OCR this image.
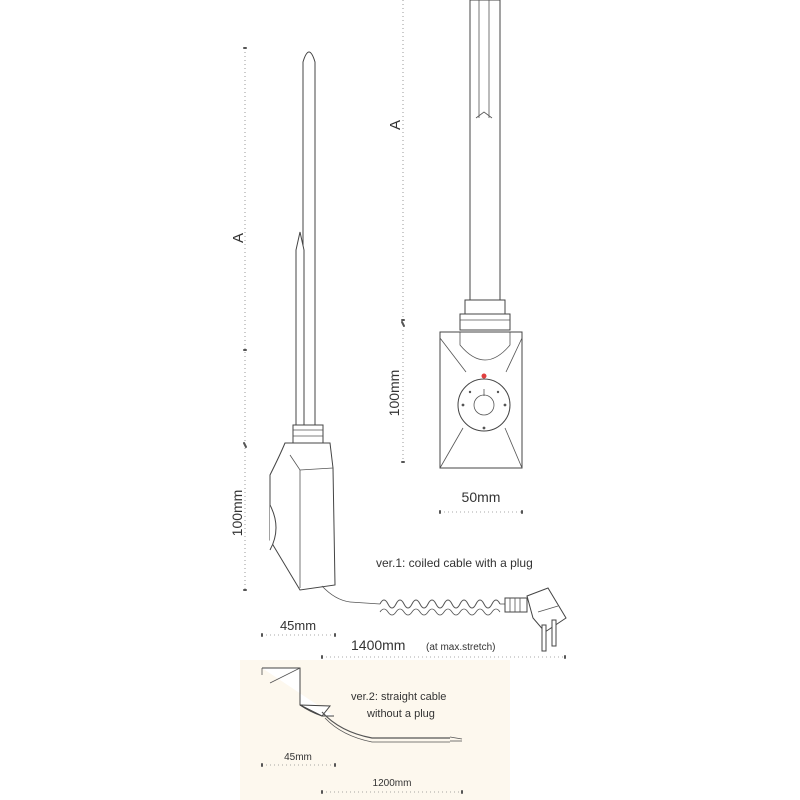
A
100mm
A
100mm
50mm
ver.1: coiled cable with a plug
45mm
1400mm (at max.stretch)
ver.2: straight cable
without a plug
45mm
1200mm
